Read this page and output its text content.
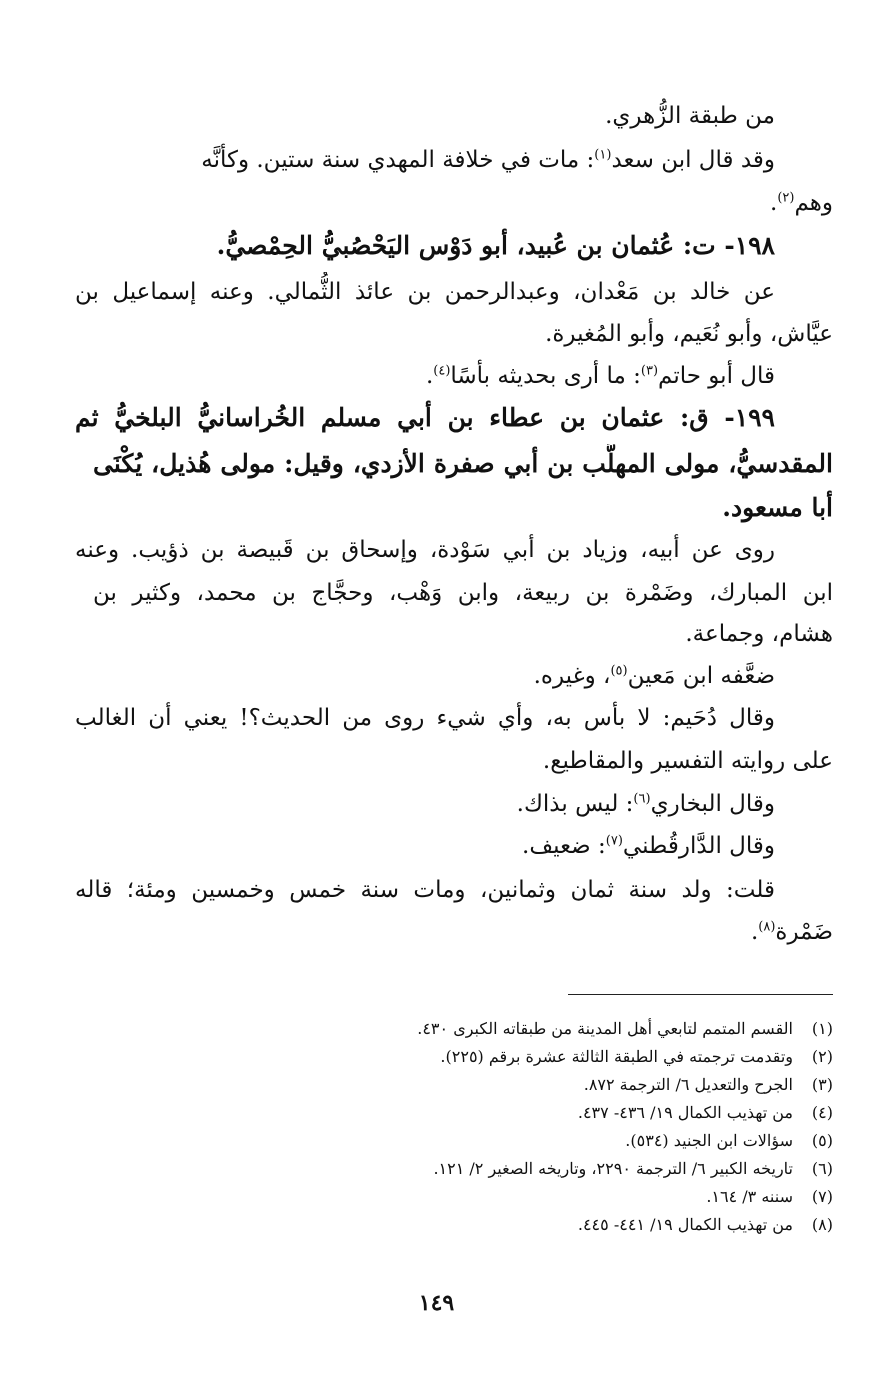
من طبقة الزُّهري.
وقد قال ابن سعد$^{(١)}$: مات في خلافة المهدي سنة ستين. وكأنَّه
وهم$^{(٢)}$.
١٩٨- ت: عُثمان بن عُبيد، أبو دَوْس اليَحْصُبيُّ الحِمْصيُّ.
عن خالد بن مَعْدان، وعبدالرحمن بن عائذ الثُّمالي. وعنه إسماعيل بن
عيَّاش، وأبو نُعَيم، وأبو المُغيرة.
قال أبو حاتم$^{(٣)}$: ما أرى بحديثه بأسًا$^{(٤)}$.
١٩٩- ق: عثمان بن عطاء بن أبي مسلم الخُراسانيُّ البلخيُّ ثم
المقدسيُّ، مولى المهلَّب بن أبي صفرة الأزدي، وقيل: مولى هُذيل، يُكْنَى
أبا مسعود.
روى عن أبيه، وزياد بن أبي سَوْدة، وإسحاق بن قَبيصة بن ذؤيب. وعنه
ابن المبارك، وضَمْرة بن ربيعة، وابن وَهْب، وحجَّاج بن محمد، وكثير بن
هشام، وجماعة.
ضعَّفه ابن مَعين$^{(٥)}$، وغيره.
وقال دُحَيم: لا بأس به، وأي شيء روى من الحديث؟! يعني أن الغالب
على روايته التفسير والمقاطيع.
وقال البخاري$^{(٦)}$: ليس بذاك.
وقال الدَّارقُطني$^{(٧)}$: ضعيف.
قلت: ولد سنة ثمان وثمانين، ومات سنة خمس وخمسين ومئة؛ قاله
ضَمْرة$^{(٨)}$.
(١)القسم المتمم لتابعي أهل المدينة من طبقاته الكبرى ٤٣٠.
(٢)وتقدمت ترجمته في الطبقة الثالثة عشرة برقم (٢٢٥).
(٣)الجرح والتعديل ٦/ الترجمة ٨٧٢.
(٤)من تهذيب الكمال ١٩/ ٤٣٦- ٤٣٧.
(٥)سؤالات ابن الجنيد (٥٣٤).
(٦)تاريخه الكبير ٦/ الترجمة ٢٢٩٠، وتاريخه الصغير ٢/ ١٢١.
(٧)سننه ٣/ ١٦٤.
(٨)من تهذيب الكمال ١٩/ ٤٤١- ٤٤٥.
١٤٩
